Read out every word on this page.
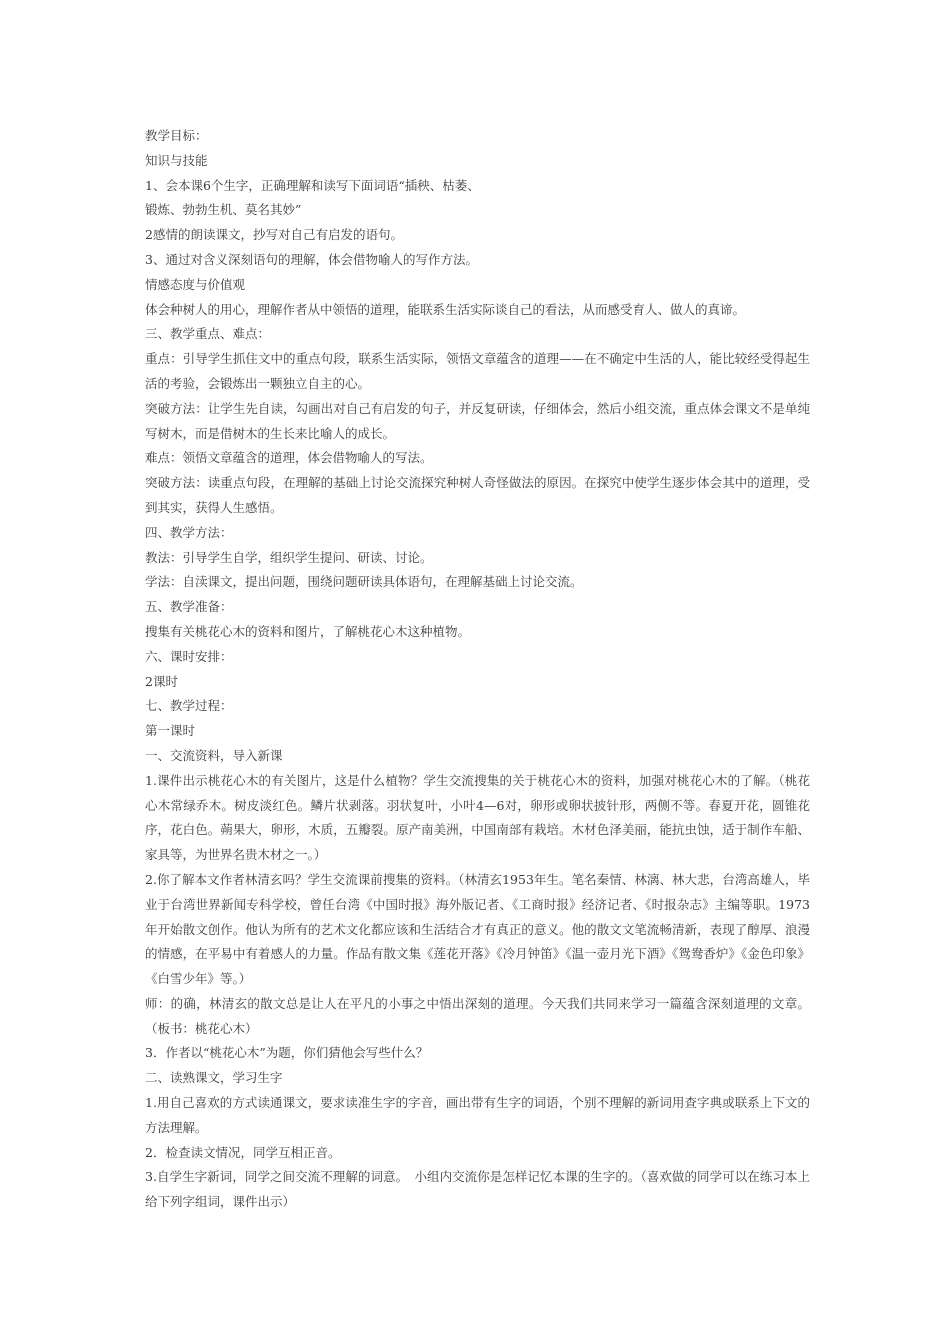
教学目标：

知识与技能

1、会本课6个生字，正确理解和读写下面词语“插秧、枯萎、

锻炼、勃勃生机、莫名其妙”

2感情的朗读课文，抄写对自己有启发的语句。

3、通过对含义深刻语句的理解，体会借物喻人的写作方法。

情感态度与价值观

体会种树人的用心，理解作者从中领悟的道理，能联系生活实际谈自己的看法，从而感受育人、做人的真谛。

三、教学重点、难点：

重点：引导学生抓住文中的重点句段，联系生活实际，领悟文章蕴含的道理——在不确定中生活的人，能比较经受得起生活的考验，会锻炼出一颗独立自主的心。

突破方法：让学生先自读，勾画出对自己有启发的句子，并反复研读，仔细体会，然后小组交流，重点体会课文不是单纯写树木，而是借树木的生长来比喻人的成长。

难点：领悟文章蕴含的道理，体会借物喻人的写法。

突破方法：读重点句段，在理解的基础上讨论交流探究种树人奇怪做法的原因。在探究中使学生逐步体会其中的道理，受到其实，获得人生感悟。

四、教学方法：

教法：引导学生自学，组织学生提问、研读、讨论。

学法：自渎课文，提出问题，围绕问题研读具体语句，在理解基础上讨论交流。

五、教学准备：

搜集有关桃花心木的资料和图片，了解桃花心木这种植物。

六、课时安排：

2课时

七、教学过程：

第一课时

一、交流资料，导入新课

1.课件出示桃花心木的有关图片，这是什么植物？学生交流搜集的关于桃花心木的资料，加强对桃花心木的了解。（桃花心木常绿乔木。树皮淡红色。鳞片状剥落。羽状复叶，小叶4—6对，卵形或卵状披针形，两侧不等。春夏开花，圆锥花序，花白色。蒴果大，卵形，木质，五瓣裂。原产南美洲，中国南部有栽培。木材色泽美丽，能抗虫蚀，适于制作车船、家具等，为世界名贵木材之一。）

2.你了解本文作者林清玄吗？学生交流课前搜集的资料。（林清玄1953年生。笔名秦情、林漓、林大悲，台湾高雄人，毕业于台湾世界新闻专科学校，曾任台湾《中国时报》海外版记者、《工商时报》经济记者、《时报杂志》主编等职。1973年开始散文创作。他认为所有的艺术文化都应该和生活结合才有真正的意义。他的散文文笔流畅清新，表现了醇厚、浪漫的情感，在平易中有着感人的力量。作品有散文集《莲花开落》《冷月钟笛》《温一壶月光下酒》《鸳鸯香炉》《金色印象》《白雪少年》等。）

师：的确，林清玄的散文总是让人在平凡的小事之中悟出深刻的道理。今天我们共同来学习一篇蕴含深刻道理的文章。（板书：桃花心木）

3．作者以“桃花心木”为题，你们猜他会写些什么？

二、读熟课文，学习生字

1.用自己喜欢的方式读通课文，要求读准生字的字音，画出带有生字的词语，个别不理解的新词用查字典或联系上下文的方法理解。

2．检查读文情况，同学互相正音。

3.自学生字新词，同学之间交流不理解的词意。　小组内交流你是怎样记忆本课的生字的。（喜欢做的同学可以在练习本上给下列字组词，课件出示）
